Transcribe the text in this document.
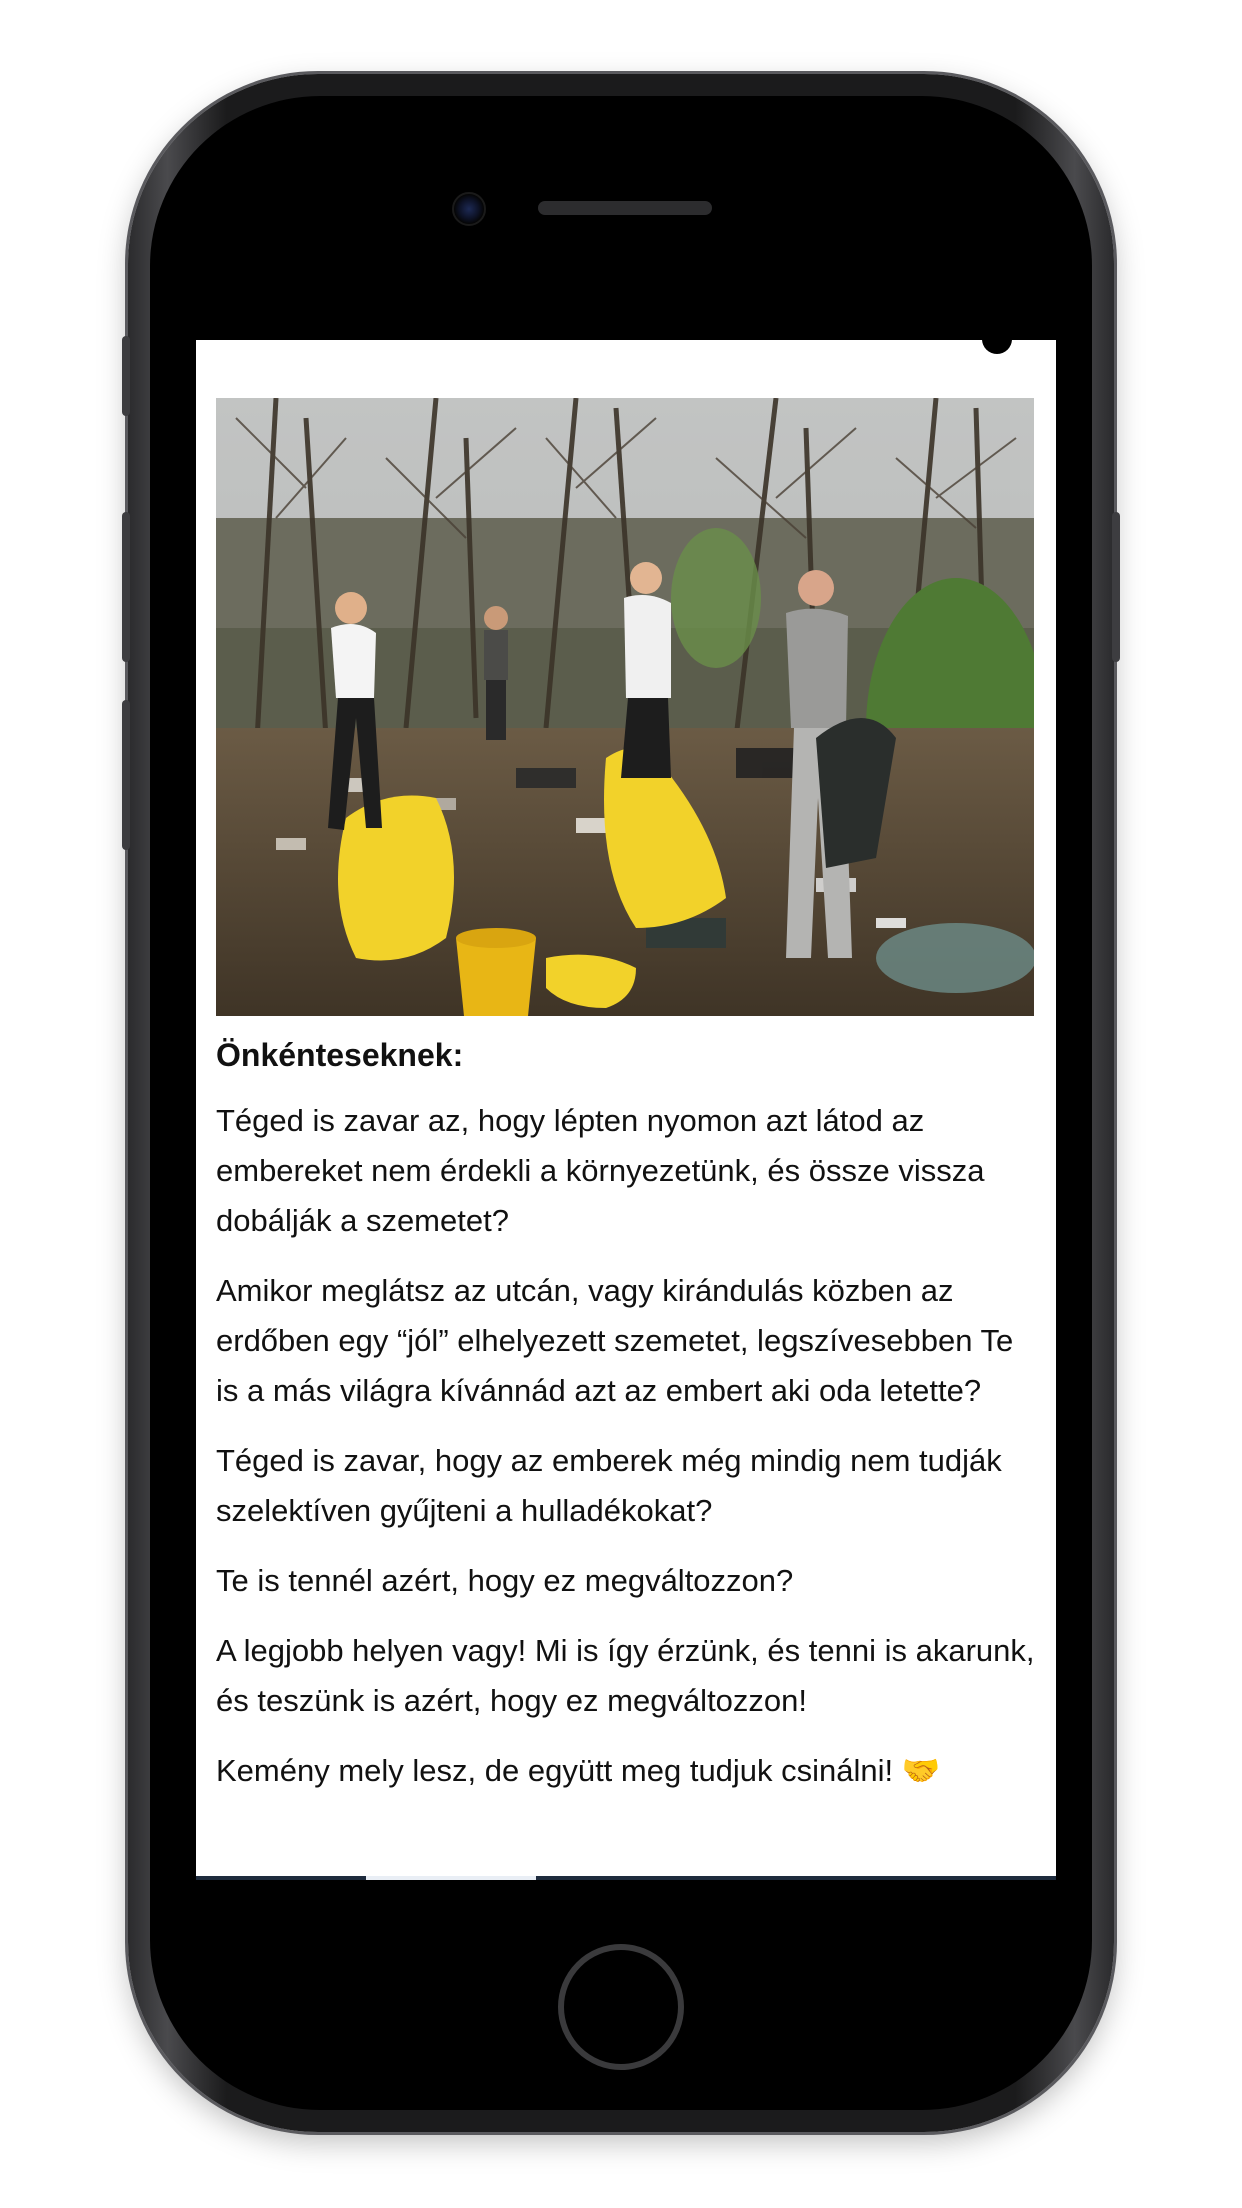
Önkénteseknek:

Téged is zavar az, hogy lépten nyomon azt látod az embereket nem érdekli a környezetünk, és össze vissza dobálják a szemetet?

Amikor meglátsz az utcán, vagy kirándulás közben az erdőben egy “jól” elhelyezett szemetet, legszívesebben Te is a más világra kívánnád azt az embert aki oda letette?

Téged is zavar, hogy az emberek még mindig nem tudják szelektíven gyűjteni a hulladékokat?

Te is tennél azért, hogy ez megváltozzon?

A legjobb helyen vagy! Mi is így érzünk, és tenni is akarunk, és teszünk is azért, hogy ez megváltozzon!

Kemény mely lesz, de együtt meg tudjuk csinálni! 🤝
